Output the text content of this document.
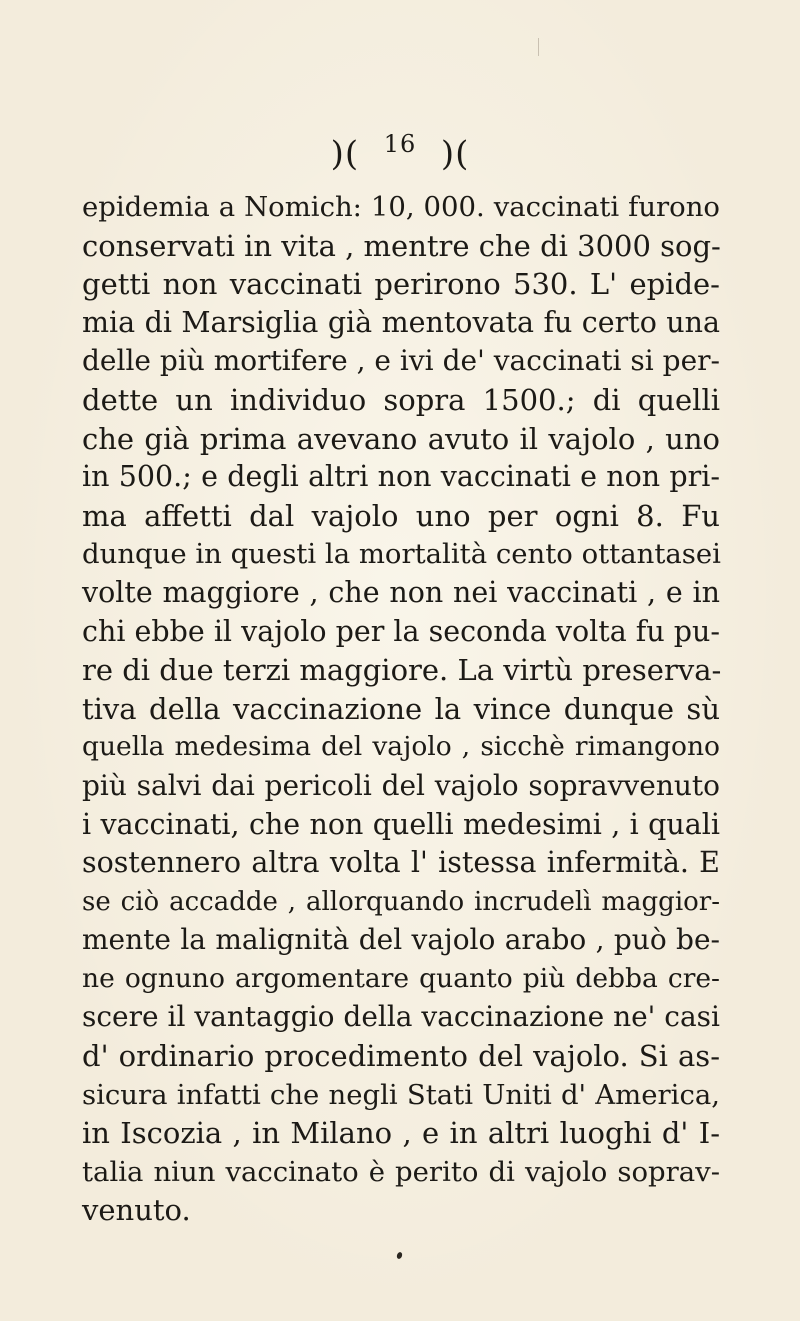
)( $^{16}$ )(
epidemia a Nomich: 10, 000. vaccinati furono
conservati in vita , mentre che di 3000 sog-
getti non vaccinati perirono 530. L' epide-
mia di Marsiglia già mentovata fu certo una
delle più mortifere , e ivi de' vaccinati si per-
dette un individuo sopra 1500.; di quelli
che già prima avevano avuto il vajolo , uno
in 500.; e degli altri non vaccinati e non pri-
ma affetti dal vajolo uno per ogni 8. Fu
dunque in questi la mortalità cento ottantasei
volte maggiore , che non nei vaccinati , e in
chi ebbe il vajolo per la seconda volta fu pu-
re di due terzi maggiore. La virtù preserva-
tiva della vaccinazione la vince dunque sù
quella medesima del vajolo , sicchè rimangono
più salvi dai pericoli del vajolo sopravvenuto
i vaccinati, che non quelli medesimi , i quali
sostennero altra volta l' istessa infermità. E
se ciò accadde , allorquando incrudelì maggior-
mente la malignità del vajolo arabo , può be-
ne ognuno argomentare quanto più debba cre-
scere il vantaggio della vaccinazione ne' casi
d' ordinario procedimento del vajolo. Si as-
sicura infatti che negli Stati Uniti d' America,
in Iscozia , in Milano , e in altri luoghi d' I-
talia niun vaccinato è perito di vajolo soprav-
venuto.
